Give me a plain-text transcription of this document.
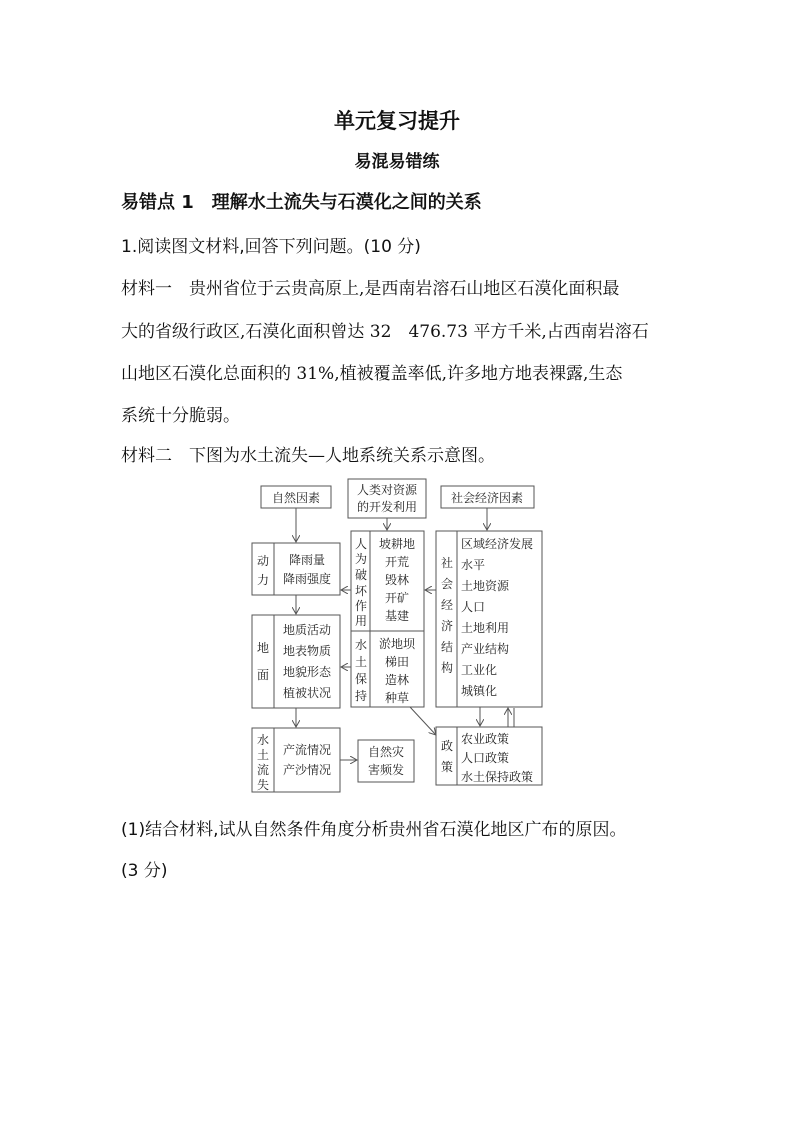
单元复习提升
易混易错练
易错点 1　理解水土流失与石漠化之间的关系
1.阅读图文材料,回答下列问题。(10 分)
材料一　贵州省位于云贵高原上,是西南岩溶石山地区石漠化面积最
大的省级行政区,石漠化面积曾达 32　476.73 平方千米,占西南岩溶石
山地区石漠化总面积的 31%,植被覆盖率低,许多地方地表裸露,生态
系统十分脆弱。
材料二　下图为水土流失—人地系统关系示意图。
自然因素
人类对资源
的开发利用
社会经济因素
动
力
降雨量
降雨强度
地
面
地质活动
地表物质
地貌形态
植被状况
水
土
流
失
产流情况
产沙情况
自然灾
害频发
人
为
破
坏
作
用
坡耕地
开荒
毁林
开矿
基建
水
土
保
持
淤地坝
梯田
造林
种草
社
会
经
济
结
构
区域经济发展
水平
土地资源
人口
土地利用
产业结构
工业化
城镇化
政
策
农业政策
人口政策
水土保持政策
(1)结合材料,试从自然条件角度分析贵州省石漠化地区广布的原因。
(3 分)
